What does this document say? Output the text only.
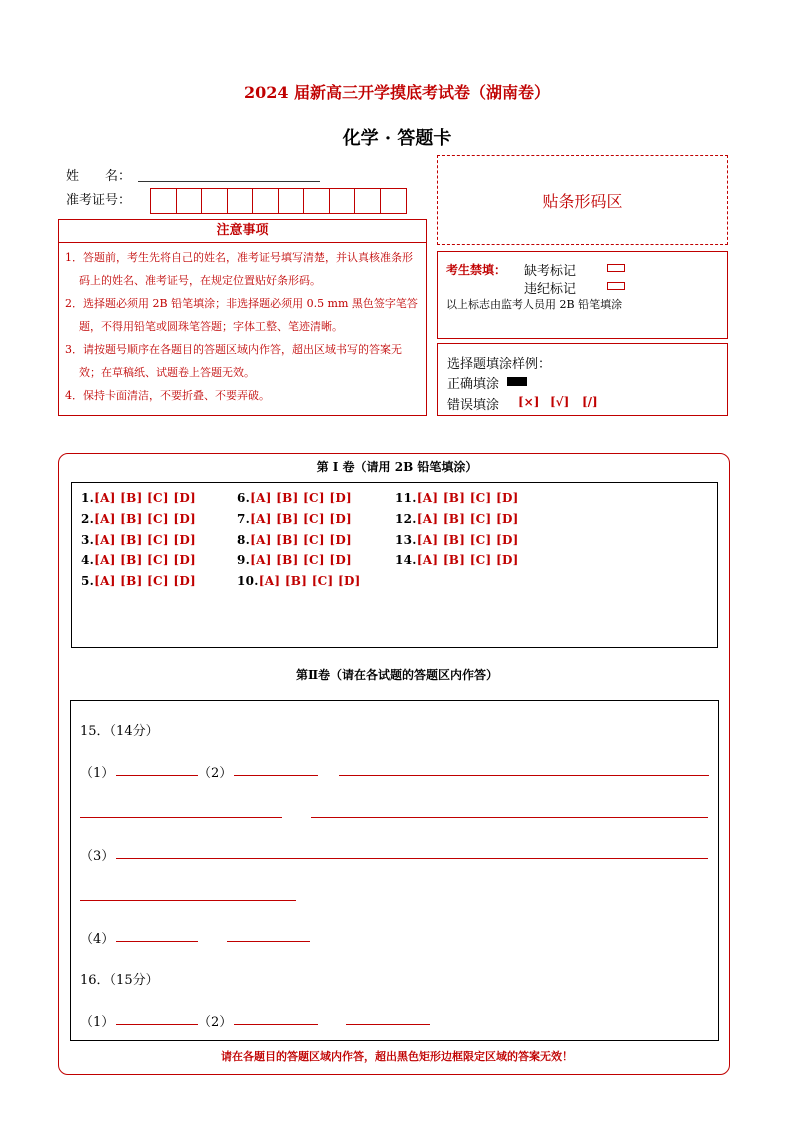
2024 届新高三开学摸底考试卷（湖南卷）
化学 · 答题卡
姓　　名：
准考证号：	贴条形码区
注意事项
1．答题前，考生先将自己的姓名，准考证号填写清楚，并认真核准条形码上的姓名、准考证号，在规定位置贴好条形码。
2．选择题必须用 2B 铅笔填涂；非选择题必须用 0.5 mm 黑色签字笔答题，不得用铅笔或圆珠笔答题；字体工整、笔迹清晰。
3．请按题号顺序在各题目的答题区域内作答，超出区域书写的答案无效；在草稿纸、试题卷上答题无效。
4．保持卡面清洁，不要折叠、不要弄破。
考生禁填： 缺考标记
违纪标记
以上标志由监考人员用 2B 铅笔填涂
选择题填涂样例：
正确填涂
错误填涂 [×] [√] [/]
第 I 卷（请用 2B 铅笔填涂）
1.[A] [B] [C] [D]
2.[A] [B] [C] [D]
3.[A] [B] [C] [D]
4.[A] [B] [C] [D]
5.[A] [B] [C] [D]
6.[A] [B] [C] [D]
7.[A] [B] [C] [D]
8.[A] [B] [C] [D]
9.[A] [B] [C] [D]
10.[A] [B] [C] [D]
11.[A] [B] [C] [D]
12.[A] [B] [C] [D]
13.[A] [B] [C] [D]
14.[A] [B] [C] [D]
第Ⅱ卷（请在各试题的答题区内作答）
15．（14分）
（1）	（2）
（3）
（4）
16．（15分）
（1）	（2）
请在各题目的答题区域内作答，超出黑色矩形边框限定区域的答案无效！
